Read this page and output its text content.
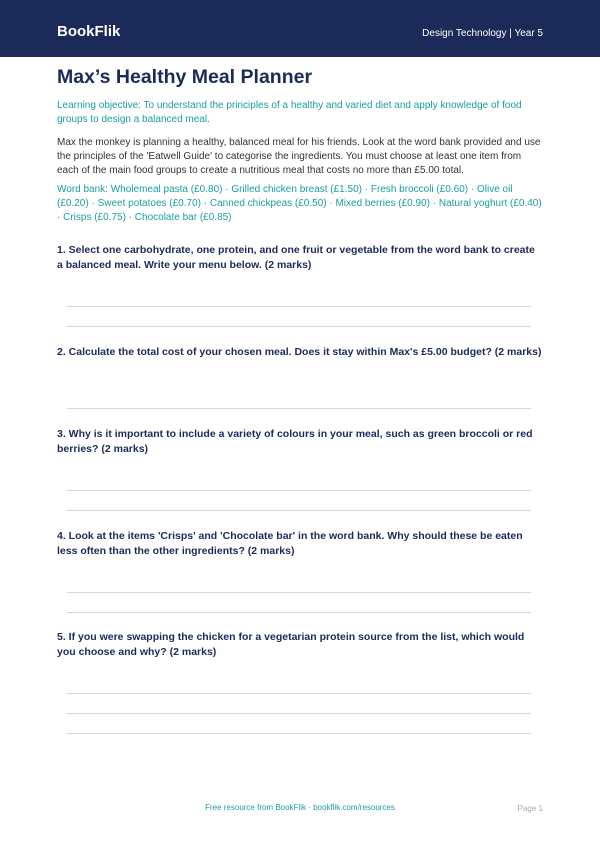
BookFlik	Design Technology | Year 5
Max’s Healthy Meal Planner
Learning objective: To understand the principles of a healthy and varied diet and apply knowledge of food groups to design a balanced meal.
Max the monkey is planning a healthy, balanced meal for his friends. Look at the word bank provided and use the principles of the 'Eatwell Guide' to categorise the ingredients. You must choose at least one item from each of the main food groups to create a nutritious meal that costs no more than £5.00 total.
Word bank: Wholemeal pasta (£0.80) · Grilled chicken breast (£1.50) · Fresh broccoli (£0.60) · Olive oil (£0.20) · Sweet potatoes (£0.70) · Canned chickpeas (£0.50) · Mixed berries (£0.90) · Natural yoghurt (£0.40) · Crisps (£0.75) · Chocolate bar (£0.85)

1. Select one carbohydrate, one protein, and one fruit or vegetable from the word bank to create a balanced meal. Write your menu below. (2 marks)

2. Calculate the total cost of your chosen meal. Does it stay within Max's £5.00 budget? (2 marks)

3. Why is it important to include a variety of colours in your meal, such as green broccoli or red berries? (2 marks)

4. Look at the items 'Crisps' and 'Chocolate bar' in the word bank. Why should these be eaten less often than the other ingredients? (2 marks)

5. If you were swapping the chicken for a vegetarian protein source from the list, which would you choose and why? (2 marks)

Free resource from BookFlik · bookflik.com/resources	Page 1
